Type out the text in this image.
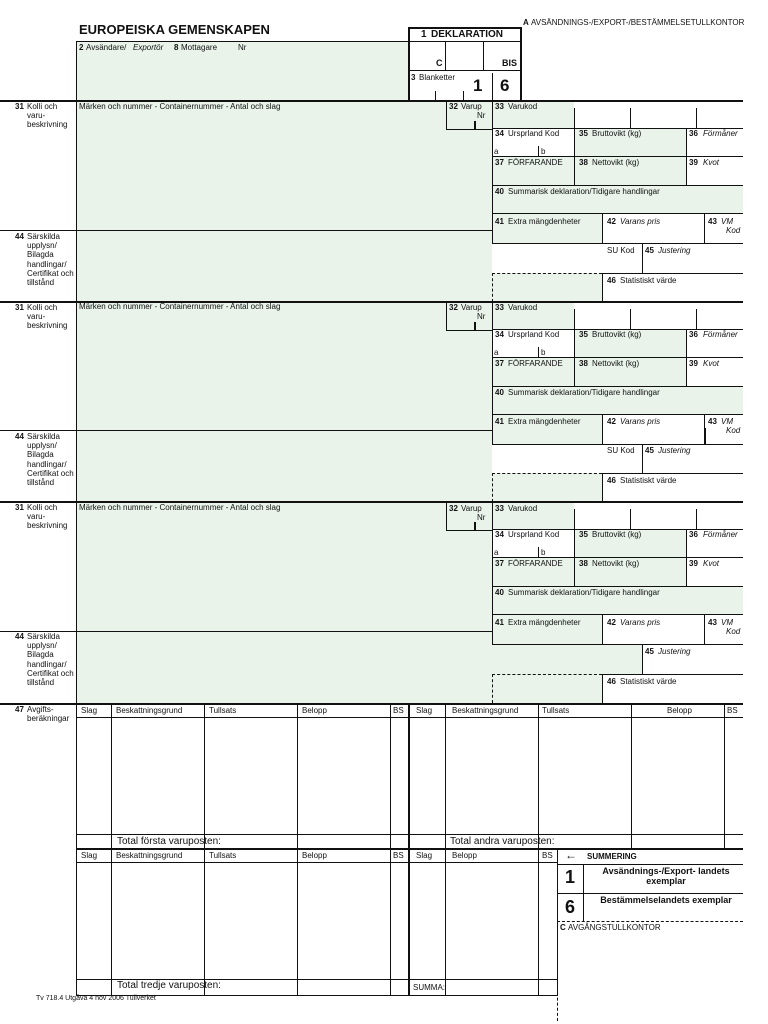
EUROPEISKA GEMENSKAPEN	A AVSÄNDNINGS-/EXPORT-/BESTÄMMELSETULLKONTOR
1 DEKLARATION
C	BIS
3 Blanketter 1 6
2 Avsändare/ Exportör 8 Mottagare	Nr
31 Kolli och varu- beskrivning
Märken och nummer - Containernummer - Antal och slag	32 Varup
Nr
33 Varukod
34 Ursprland Kod
a	b
35 Bruttovikt (kg)	36 Förmåner
37 FÖRFARANDE 38 Nettovikt (kg)	39 Kvot
40 Summarisk deklaration/Tidigare handlingar
41 Extra mängdenheter	42 Varans pris	43 VM
Kod
44 Särskilda upplysn/ Bilagda handlingar/ Certifikat och tillstånd
SU Kod 45 Justering
46 Statistiskt värde
31 Kolli och varu- beskrivning
Märken och nummer - Containernummer - Antal och slag	32 Varup
Nr
33 Varukod
34 Ursprland Kod
a	b
35 Bruttovikt (kg)	36 Förmåner
37 FÖRFARANDE 38 Nettovikt (kg)	39 Kvot
40 Summarisk deklaration/Tidigare handlingar
41 Extra mängdenheter	42 Varans pris	43 VM
Kod
44 Särskilda upplysn/ Bilagda handlingar/ Certifikat och tillstånd
SU Kod 45 Justering
46 Statistiskt värde
31 Kolli och varu- beskrivning
Märken och nummer - Containernummer - Antal och slag	32 Varup
Nr
33 Varukod
34 Ursprland Kod
a	b
35 Bruttovikt (kg)	36 Förmåner
37 FÖRFARANDE 38 Nettovikt (kg)	39 Kvot
40 Summarisk deklaration/Tidigare handlingar
41 Extra mängdenheter	42 Varans pris	43 VM
Kod
44 Särskilda upplysn/ Bilagda handlingar/ Certifikat och tillstånd
45 Justering
46 Statistiskt värde
47 Avgifts- beräkningar
Slag Beskattningsgrund	Tullsats	Belopp	BS Slag Beskattningsgrund	Tullsats	Belopp	BS
Total första varuposten:	Total andra varuposten:
Slag Beskattningsgrund	Tullsats	Belopp	BS Slag Belopp	BS
Total tredje varuposten:	SUMMA:
← SUMMERING
1	Avsändnings-/Export- landets exemplar
6	Bestämmelselandets exemplar
C AVGÅNGSTULLKONTOR
Tv 718.4 Utgåva 4 nov 2006 Tullverket
